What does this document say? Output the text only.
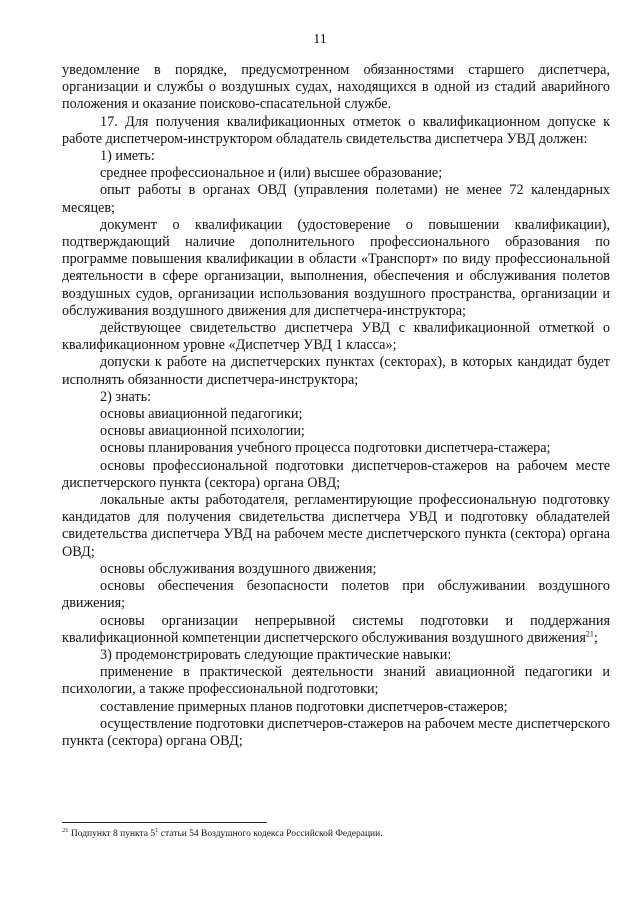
11

уведомление в порядке, предусмотренном обязанностями старшего диспетчера, организации и службы о воздушных судах, находящихся в одной из стадий аварийного положения и оказание поисково-спасательной службе.

17. Для получения квалификационных отметок о квалификационном допуске к работе диспетчером-инструктором обладатель свидетельства диспетчера УВД должен:

1) иметь:

среднее профессиональное и (или) высшее образование;

опыт работы в органах ОВД (управления полетами) не менее 72 календарных месяцев;

документ о квалификации (удостоверение о повышении квалификации), подтверждающий наличие дополнительного профессионального образования по программе повышения квалификации в области «Транспорт» по виду профессиональной деятельности в сфере организации, выполнения, обеспечения и обслуживания полетов воздушных судов, организации использования воздушного пространства, организации и обслуживания воздушного движения для диспетчера-инструктора;

действующее свидетельство диспетчера УВД с квалификационной отметкой о квалификационном уровне «Диспетчер УВД 1 класса»;

допуски к работе на диспетчерских пунктах (секторах), в которых кандидат будет исполнять обязанности диспетчера-инструктора;

2) знать:

основы авиационной педагогики;

основы авиационной психологии;

основы планирования учебного процесса подготовки диспетчера-стажера;

основы профессиональной подготовки диспетчеров-стажеров на рабочем месте диспетчерского пункта (сектора) органа ОВД;

локальные акты работодателя, регламентирующие профессиональную подготовку кандидатов для получения свидетельства диспетчера УВД и подготовку обладателей свидетельства диспетчера УВД на рабочем месте диспетчерского пункта (сектора) органа ОВД;

основы обслуживания воздушного движения;

основы обеспечения безопасности полетов при обслуживании воздушного движения;

основы организации непрерывной системы подготовки и поддержания квалификационной компетенции диспетчерского обслуживания воздушного движения$^{21}$;

3) продемонстрировать следующие практические навыки:

применение в практической деятельности знаний авиационной педагогики и психологии, а также профессиональной подготовки;

составление примерных планов подготовки диспетчеров-стажеров;

осуществление подготовки диспетчеров-стажеров на рабочем месте диспетчерского пункта (сектора) органа ОВД;

$^{21}$ Подпункт 8 пункта $5^1$ статьи 54 Воздушного кодекса Российской Федерации.
